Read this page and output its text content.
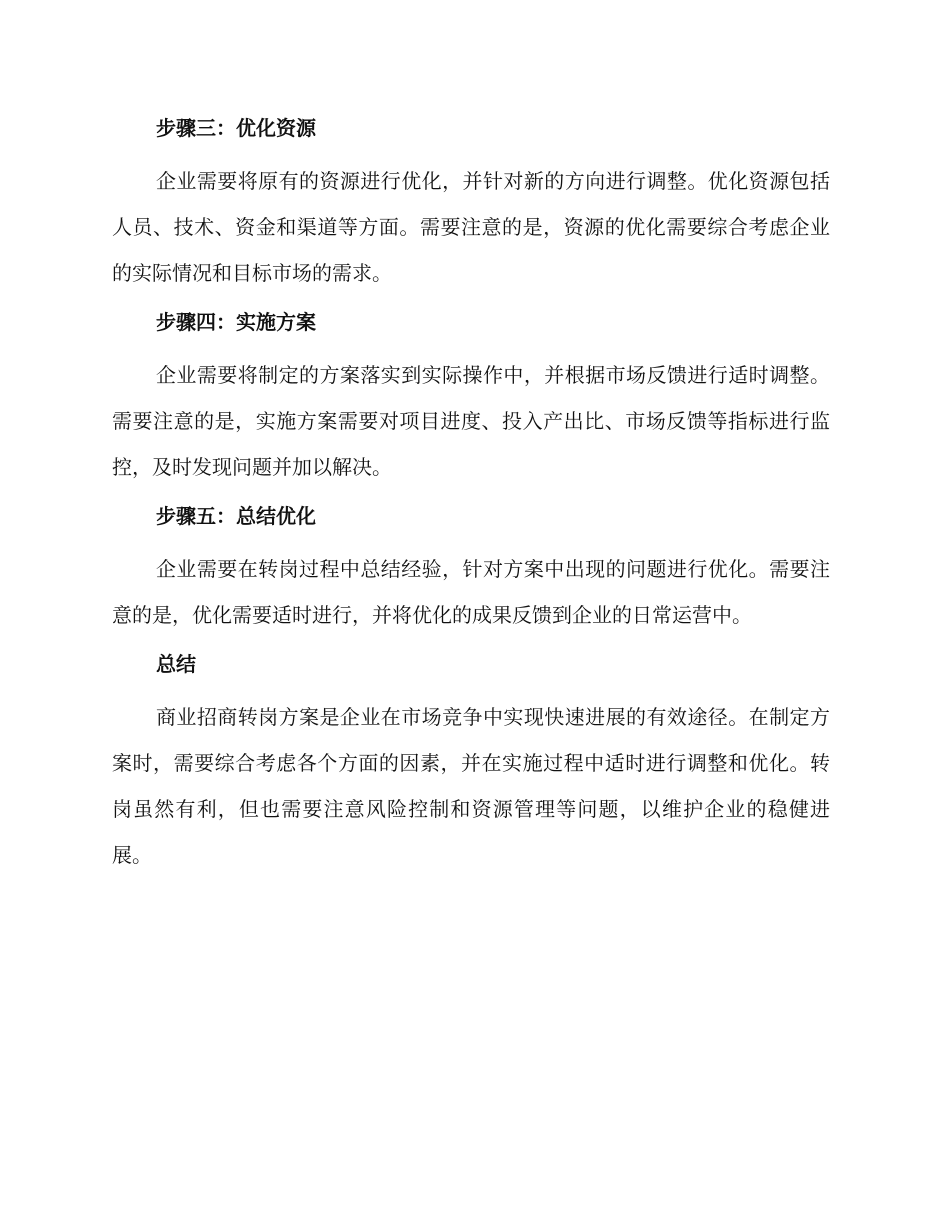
步骤三：优化资源
企业需要将原有的资源进行优化，并针对新的方向进行调整。优化资源包括人员、技术、资金和渠道等方面。需要注意的是，资源的优化需要综合考虑企业的实际情况和目标市场的需求。
步骤四：实施方案
企业需要将制定的方案落实到实际操作中，并根据市场反馈进行适时调整。需要注意的是，实施方案需要对项目进度、投入产出比、市场反馈等指标进行监控，及时发现问题并加以解决。
步骤五：总结优化
企业需要在转岗过程中总结经验，针对方案中出现的问题进行优化。需要注意的是，优化需要适时进行，并将优化的成果反馈到企业的日常运营中。
总结
商业招商转岗方案是企业在市场竞争中实现快速进展的有效途径。在制定方案时，需要综合考虑各个方面的因素，并在实施过程中适时进行调整和优化。转岗虽然有利，但也需要注意风险控制和资源管理等问题，以维护企业的稳健进展。
